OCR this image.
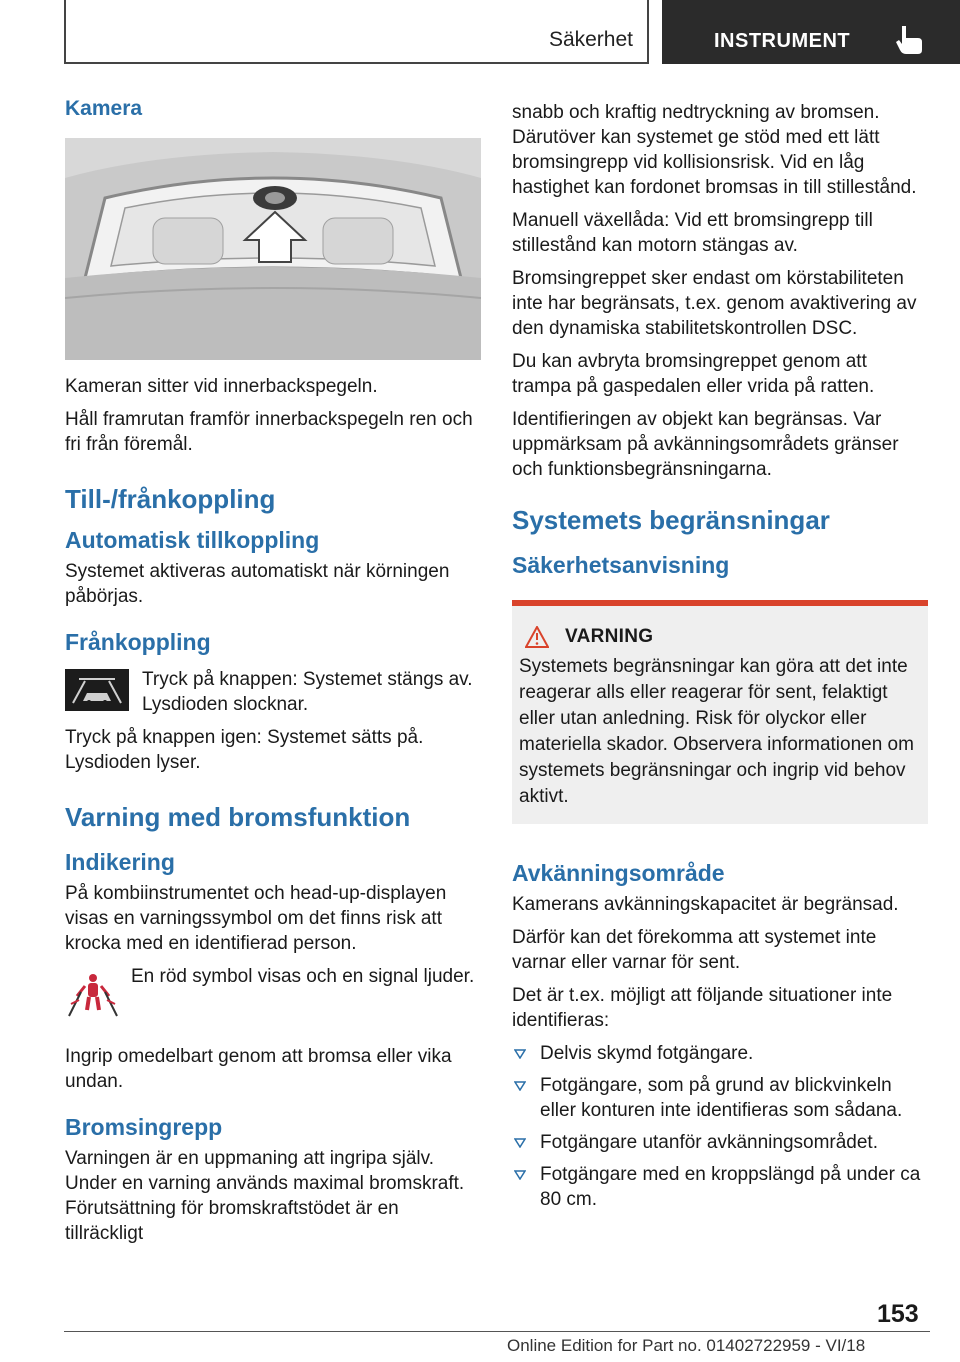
Säkerhet	INSTRUMENT
Kamera

Kameran sitter vid innerbackspegeln.

Håll framrutan framför innerbackspegeln ren och fri från föremål.

Till-/frånkoppling
Automatisk tillkoppling

Systemet aktiveras automatiskt när körningen påbörjas.

Frånkoppling

Tryck på knappen: Systemet stängs av. Lysdioden slocknar.

Tryck på knappen igen: Systemet sätts på. Lysdioden lyser.

Varning med bromsfunktion
Indikering

På kombiinstrumentet och head-up-displayen visas en varningssymbol om det finns risk att krocka med en identifierad person.

En röd symbol visas och en signal ljuder.

Ingrip omedelbart genom att bromsa eller vika undan.

Bromsingrepp

Varningen är en uppmaning att ingripa själv. Under en varning används maximal bromskraft. Förutsättning för bromskraftstödet är en tillräckligt

snabb och kraftig nedtryckning av bromsen. Därutöver kan systemet ge stöd med ett lätt bromsingrepp vid kollisionsrisk. Vid en låg hastighet kan fordonet bromsas in till stillestånd.

Manuell växellåda: Vid ett bromsingrepp till stillestånd kan motorn stängas av.

Bromsingreppet sker endast om körstabiliteten inte har begränsats, t.ex. genom avaktivering av den dynamiska stabilitetskontrollen DSC.

Du kan avbryta bromsingreppet genom att trampa på gaspedalen eller vrida på ratten.

Identifieringen av objekt kan begränsas. Var uppmärksam på avkänningsområdets gränser och funktionsbegränsningarna.

Systemets begränsningar
Säkerhetsanvisning
VARNING

Systemets begränsningar kan göra att det inte reagerar alls eller reagerar för sent, felaktigt eller utan anledning. Risk för olyckor eller materiella skador. Observera informationen om systemets begränsningar och ingrip vid behov aktivt.

Avkänningsområde

Kamerans avkänningskapacitet är begränsad.

Därför kan det förekomma att systemet inte varnar eller varnar för sent.

Det är t.ex. möjligt att följande situationer inte identifieras:

Delvis skymd fotgängare.
Fotgängare, som på grund av blickvinkeln eller konturen inte identifieras som sådana.
Fotgängare utanför avkänningsområdet.
Fotgängare med en kroppslängd på under ca 80 cm.
153
Online Edition for Part no. 01402722959 - VI/18
